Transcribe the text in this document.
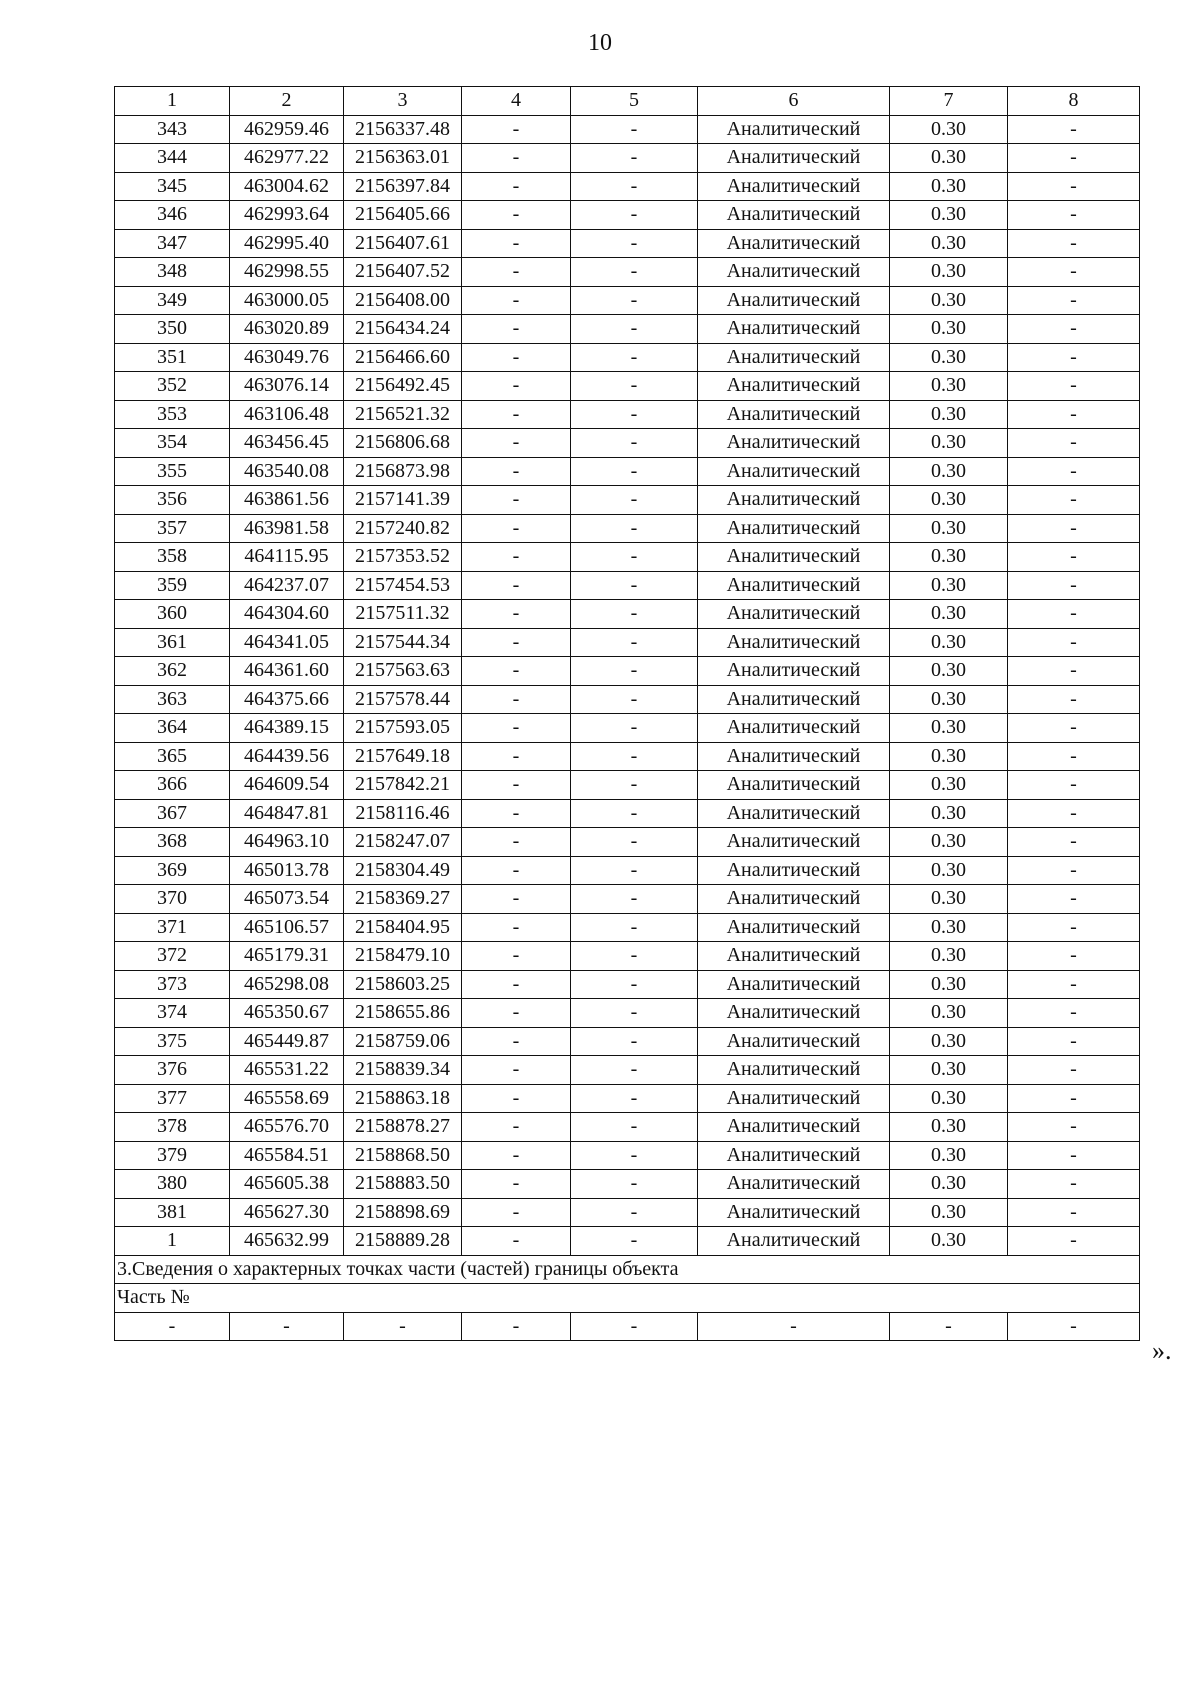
10
1	2	3	4	5	6	7	8
343	462959.46	2156337.48	-	-	Аналитический	0.30	-
344	462977.22	2156363.01	-	-	Аналитический	0.30	-
345	463004.62	2156397.84	-	-	Аналитический	0.30	-
346	462993.64	2156405.66	-	-	Аналитический	0.30	-
347	462995.40	2156407.61	-	-	Аналитический	0.30	-
348	462998.55	2156407.52	-	-	Аналитический	0.30	-
349	463000.05	2156408.00	-	-	Аналитический	0.30	-
350	463020.89	2156434.24	-	-	Аналитический	0.30	-
351	463049.76	2156466.60	-	-	Аналитический	0.30	-
352	463076.14	2156492.45	-	-	Аналитический	0.30	-
353	463106.48	2156521.32	-	-	Аналитический	0.30	-
354	463456.45	2156806.68	-	-	Аналитический	0.30	-
355	463540.08	2156873.98	-	-	Аналитический	0.30	-
356	463861.56	2157141.39	-	-	Аналитический	0.30	-
357	463981.58	2157240.82	-	-	Аналитический	0.30	-
358	464115.95	2157353.52	-	-	Аналитический	0.30	-
359	464237.07	2157454.53	-	-	Аналитический	0.30	-
360	464304.60	2157511.32	-	-	Аналитический	0.30	-
361	464341.05	2157544.34	-	-	Аналитический	0.30	-
362	464361.60	2157563.63	-	-	Аналитический	0.30	-
363	464375.66	2157578.44	-	-	Аналитический	0.30	-
364	464389.15	2157593.05	-	-	Аналитический	0.30	-
365	464439.56	2157649.18	-	-	Аналитический	0.30	-
366	464609.54	2157842.21	-	-	Аналитический	0.30	-
367	464847.81	2158116.46	-	-	Аналитический	0.30	-
368	464963.10	2158247.07	-	-	Аналитический	0.30	-
369	465013.78	2158304.49	-	-	Аналитический	0.30	-
370	465073.54	2158369.27	-	-	Аналитический	0.30	-
371	465106.57	2158404.95	-	-	Аналитический	0.30	-
372	465179.31	2158479.10	-	-	Аналитический	0.30	-
373	465298.08	2158603.25	-	-	Аналитический	0.30	-
374	465350.67	2158655.86	-	-	Аналитический	0.30	-
375	465449.87	2158759.06	-	-	Аналитический	0.30	-
376	465531.22	2158839.34	-	-	Аналитический	0.30	-
377	465558.69	2158863.18	-	-	Аналитический	0.30	-
378	465576.70	2158878.27	-	-	Аналитический	0.30	-
379	465584.51	2158868.50	-	-	Аналитический	0.30	-
380	465605.38	2158883.50	-	-	Аналитический	0.30	-
381	465627.30	2158898.69	-	-	Аналитический	0.30	-
1	465632.99	2158889.28	-	-	Аналитический	0.30	-
3.Сведения о характерных точках части (частей) границы объекта							
Часть №							
-	-	-	-	-	-	-	-
».
